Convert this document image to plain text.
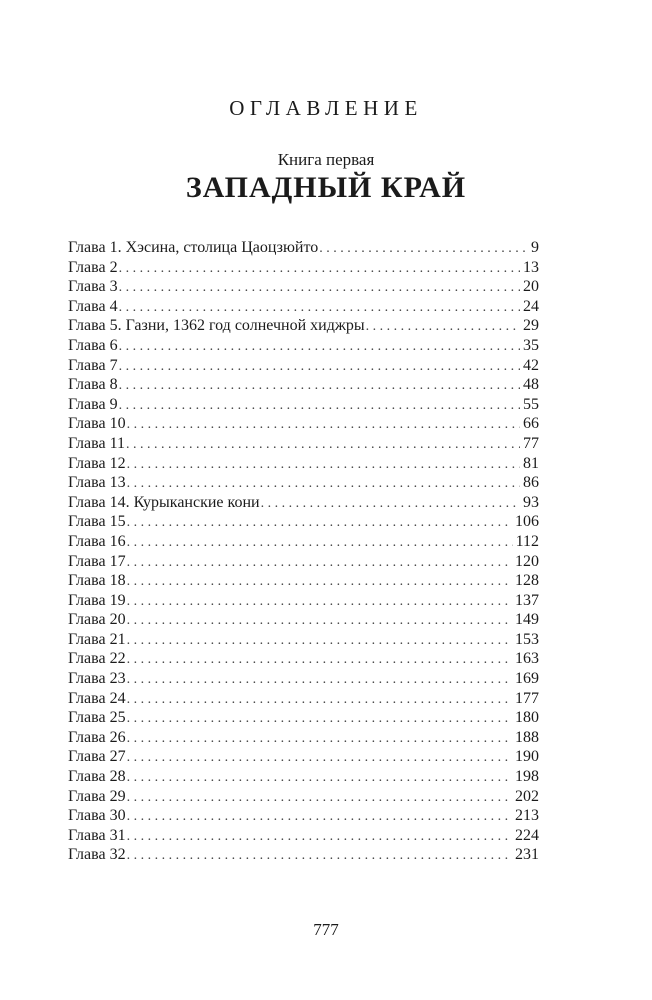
ОГЛАВЛЕНИЕ
Книга первая
ЗАПАДНЫЙ КРАЙ
Глава 1. Хэсина, столица Цаоцзюйто . . .	9
Глава 2 . . .	13
Глава 3 . . .	20
Глава 4 . . .	24
Глава 5. Газни, 1362 год солнечной хиджры . . .	29
Глава 6 . . .	35
Глава 7 . . .	42
Глава 8 . . .	48
Глава 9 . . .	55
Глава 10 . . .	66
Глава 11 . . .	77
Глава 12 . . .	81
Глава 13 . . .	86
Глава 14. Курыканские кони . . .	93
Глава 15 . . .	106
Глава 16 . . .	112
Глава 17 . . .	120
Глава 18 . . .	128
Глава 19 . . .	137
Глава 20 . . .	149
Глава 21 . . .	153
Глава 22 . . .	163
Глава 23 . . .	169
Глава 24 . . .	177
Глава 25 . . .	180
Глава 26 . . .	188
Глава 27 . . .	190
Глава 28 . . .	198
Глава 29 . . .	202
Глава 30 . . .	213
Глава 31 . . .	224
Глава 32 . . .	231
777
